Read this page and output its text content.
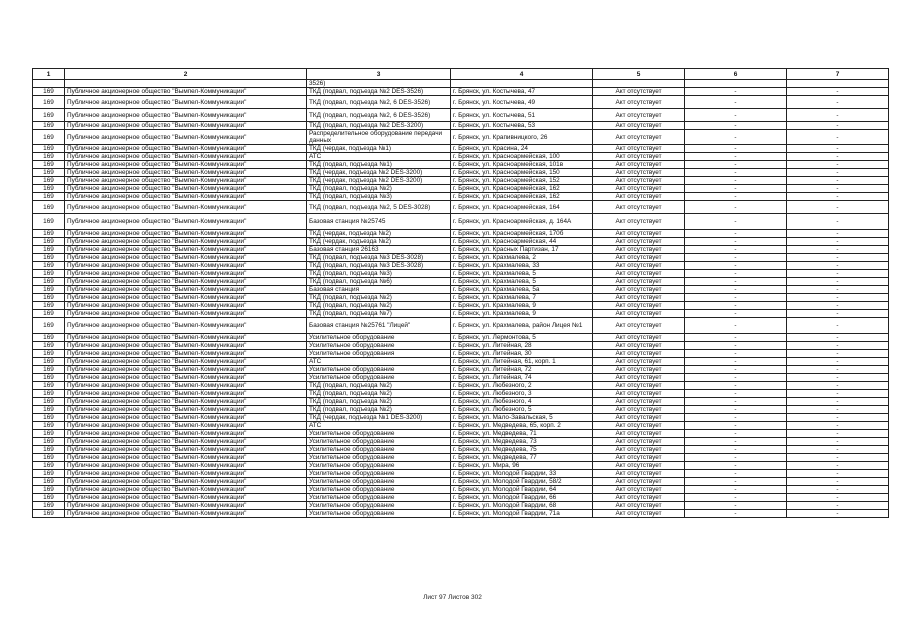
1	2	3	4	5	6	7
		3526)				
169	Публичное акционерное общество "Вымпел-Коммуникации"	ТКД (подвал, подъезда №2 DES-3526)	г. Брянск, ул. Костычева, 47	Акт отсутствует	-	-
169	Публичное акционерное общество "Вымпел-Коммуникации"	ТКД (подвал, подъезда №2, 6 DES-3526)	г. Брянск, ул. Костычева, 49	Акт отсутствует	-	-
169	Публичное акционерное общество "Вымпел-Коммуникации"	ТКД (подвал, подъезда №2, 6 DES-3526)	г. Брянск, ул. Костычева, 51	Акт отсутствует	-	-
169	Публичное акционерное общество "Вымпел-Коммуникации"	ТКД (подвал, подъезда №2 DES-3200)	г. Брянск, ул. Костычева, 53	Акт отсутствует	-	-
169	Публичное акционерное общество "Вымпел-Коммуникации"	Распределительное оборудование передачи данных	г. Брянск, ул. Крапивницкого, 26	Акт отсутствует	-	-
169	Публичное акционерное общество "Вымпел-Коммуникации"	ТКД (чердак, подъезда №1)	г. Брянск, ул. Красина, 24	Акт отсутствует	-	-
169	Публичное акционерное общество "Вымпел-Коммуникации"	АТС	г. Брянск, ул. Красноармейская, 100	Акт отсутствует	-	-
169	Публичное акционерное общество "Вымпел-Коммуникации"	ТКД (подвал, подъезда №1)	г. Брянск, ул. Красноармейская, 101в	Акт отсутствует	-	-
169	Публичное акционерное общество "Вымпел-Коммуникации"	ТКД (чердак, подъезда №2 DES-3200)	г. Брянск, ул. Красноармейская, 150	Акт отсутствует	-	-
169	Публичное акционерное общество "Вымпел-Коммуникации"	ТКД (чердак, подъезда №2 DES-3200)	г. Брянск, ул. Красноармейская, 152	Акт отсутствует	-	-
169	Публичное акционерное общество "Вымпел-Коммуникации"	ТКД (подвал, подъезда №2)	г. Брянск, ул. Красноармейская, 162	Акт отсутствует	-	-
169	Публичное акционерное общество "Вымпел-Коммуникации"	ТКД (подвал, подъезда №3)	г. Брянск, ул. Красноармейская, 162	Акт отсутствует	-	-
169	Публичное акционерное общество "Вымпел-Коммуникации"	ТКД (подвал, подъезда №2, 5 DES-3028)	г. Брянск, ул. Красноармейская, 164	Акт отсутствует	-	-
169	Публичное акционерное общество "Вымпел-Коммуникации"	Базовая станция №25745	г. Брянск, ул. Красноармейская, д. 164А	Акт отсутствует	-	-
169	Публичное акционерное общество "Вымпел-Коммуникации"	ТКД (чердак, подъезда №2)	г. Брянск, ул. Красноармейская, 170б	Акт отсутствует	-	-
169	Публичное акционерное общество "Вымпел-Коммуникации"	ТКД (чердак, подъезда №2)	г. Брянск, ул. Красноармейская, 44	Акт отсутствует	-	-
169	Публичное акционерное общество "Вымпел-Коммуникации"	Базовая станция 26163	г. Брянск, ул. Красных Партизан, 17	Акт отсутствует	-	-
169	Публичное акционерное общество "Вымпел-Коммуникации"	ТКД (подвал, подъезда №3 DES-3028)	г. Брянск, ул. Крахмалева, 2	Акт отсутствует	-	-
169	Публичное акционерное общество "Вымпел-Коммуникации"	ТКД (подвал, подъезда №3 DES-3028)	г. Брянск, ул. Крахмалева, 33	Акт отсутствует	-	-
169	Публичное акционерное общество "Вымпел-Коммуникации"	ТКД (подвал, подъезда №3)	г. Брянск, ул. Крахмалева, 5	Акт отсутствует	-	-
169	Публичное акционерное общество "Вымпел-Коммуникации"	ТКД (подвал, подъезда №6)	г. Брянск, ул. Крахмалева, 5	Акт отсутствует	-	-
169	Публичное акционерное общество "Вымпел-Коммуникации"	Базовая станция	г. Брянск, ул. Крахмалева, 5а	Акт отсутствует	-	-
169	Публичное акционерное общество "Вымпел-Коммуникации"	ТКД (подвал, подъезда №2)	г. Брянск, ул. Крахмалева, 7	Акт отсутствует	-	-
169	Публичное акционерное общество "Вымпел-Коммуникации"	ТКД (подвал, подъезда №2)	г. Брянск, ул. Крахмалева, 9	Акт отсутствует	-	-
169	Публичное акционерное общество "Вымпел-Коммуникации"	ТКД (подвал, подъезда №7)	г. Брянск, ул. Крахмалева, 9	Акт отсутствует	-	-
169	Публичное акционерное общество "Вымпел-Коммуникации"	Базовая станция №25761 "Лицей"	г. Брянск, ул. Крахмалева, район Лицея №1	Акт отсутствует	-	-
169	Публичное акционерное общество "Вымпел-Коммуникации"	Усилительное оборудование	г. Брянск, ул. Лермонтова, 5	Акт отсутствует	-	-
169	Публичное акционерное общество "Вымпел-Коммуникации"	Усилительное оборудование	г. Брянск, ул. Литейная, 28	Акт отсутствует	-	-
169	Публичное акционерное общество "Вымпел-Коммуникации"	Усилительное оборудования	г. Брянск, ул. Литейная, 30	Акт отсутствует	-	-
169	Публичное акционерное общество "Вымпел-Коммуникации"	АТС	г. Брянск, ул. Литейная, 61, корп. 1	Акт отсутствует	-	-
169	Публичное акционерное общество "Вымпел-Коммуникации"	Усилительное оборудование	г. Брянск, ул. Литейная, 72	Акт отсутствует	-	-
169	Публичное акционерное общество "Вымпел-Коммуникации"	Усилительное оборудование	г. Брянск, ул. Литейная, 74	Акт отсутствует	-	-
169	Публичное акционерное общество "Вымпел-Коммуникации"	ТКД (подвал, подъезда №2)	г. Брянск, ул. Любезного, 2	Акт отсутствует	-	-
169	Публичное акционерное общество "Вымпел-Коммуникации"	ТКД (подвал, подъезда №2)	г. Брянск, ул. Любезного, 3	Акт отсутствует	-	-
169	Публичное акционерное общество "Вымпел-Коммуникации"	ТКД (подвал, подъезда №2)	г. Брянск, ул. Любезного, 4	Акт отсутствует	-	-
169	Публичное акционерное общество "Вымпел-Коммуникации"	ТКД (подвал, подъезда №2)	г. Брянск, ул. Любезного, 5	Акт отсутствует	-	-
169	Публичное акционерное общество "Вымпел-Коммуникации"	ТКД (чердак, подъезда №1 DES-3200)	г. Брянск, ул. Мало-Завальская, 5	Акт отсутствует	-	-
169	Публичное акционерное общество "Вымпел-Коммуникации"	АТС	г. Брянск, ул. Медведева, 65, корп. 2	Акт отсутствует	-	-
169	Публичное акционерное общество "Вымпел-Коммуникации"	Усилительное оборудование	г. Брянск, ул. Медведева, 71	Акт отсутствует	-	-
169	Публичное акционерное общество "Вымпел-Коммуникации"	Усилительное оборудование	г. Брянск, ул. Медведева, 73	Акт отсутствует	-	-
169	Публичное акционерное общество "Вымпел-Коммуникации"	Усилительное оборудование	г. Брянск, ул. Медведева, 75	Акт отсутствует	-	-
169	Публичное акционерное общество "Вымпел-Коммуникации"	Усилительное оборудование	г. Брянск, ул. Медведева, 77	Акт отсутствует	-	-
169	Публичное акционерное общество "Вымпел-Коммуникации"	Усилительное оборудование	г. Брянск, ул. Мира, 96	Акт отсутствует	-	-
169	Публичное акционерное общество "Вымпел-Коммуникации"	Усилительное оборудование	г. Брянск, ул. Молодой Гвардии, 33	Акт отсутствует	-	-
169	Публичное акционерное общество "Вымпел-Коммуникации"	Усилительное оборудование	г. Брянск, ул. Молодой Гвардии, 58/2	Акт отсутствует	-	-
169	Публичное акционерное общество "Вымпел-Коммуникации"	Усилительное оборудование	г. Брянск, ул. Молодой Гвардии, 64	Акт отсутствует	-	-
169	Публичное акционерное общество "Вымпел-Коммуникации"	Усилительное оборудование	г. Брянск, ул. Молодой Гвардии, 66	Акт отсутствует	-	-
169	Публичное акционерное общество "Вымпел-Коммуникации"	Усилительное оборудование	г. Брянск, ул. Молодой Гвардии, 68	Акт отсутствует	-	-
169	Публичное акционерное общество "Вымпел-Коммуникации"	Усилительное оборудование	г. Брянск, ул. Молодой Гвардии, 71а	Акт отсутствует	-	-
Лист 97 Листов 302
